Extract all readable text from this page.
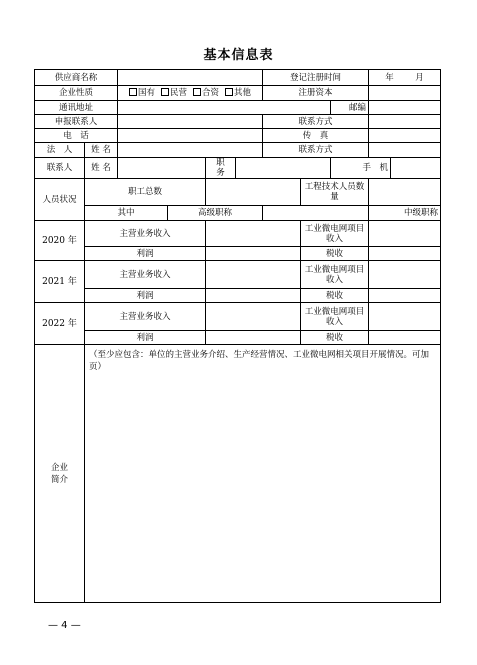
基本信息表
供应商名称						登记注册时间			年 月	
企业性质		国有 民营 合资 其他				注册资本				
通讯地址								邮编		
申报联系人						联系方式				
电　话						传　真				
法　人	姓 名					联系方式				
联系人	姓 名			职　务				手　机		
人员状况	职工总数						工程技术人员数量			
	其中		高级职称						中级职称	
2020 年	主营业务收入						工业微电网项目收入			
	利润						税收			
2021 年	主营业务收入						工业微电网项目收入			
	利润						税收			
2022 年	主营业务收入						工业微电网项目收入			
	利润						税收			
企业简介	（至少应包含：单位的主营业务介绍、生产经营情况、工业微电网相关项目开展情况。可加页）									
— 4 —
